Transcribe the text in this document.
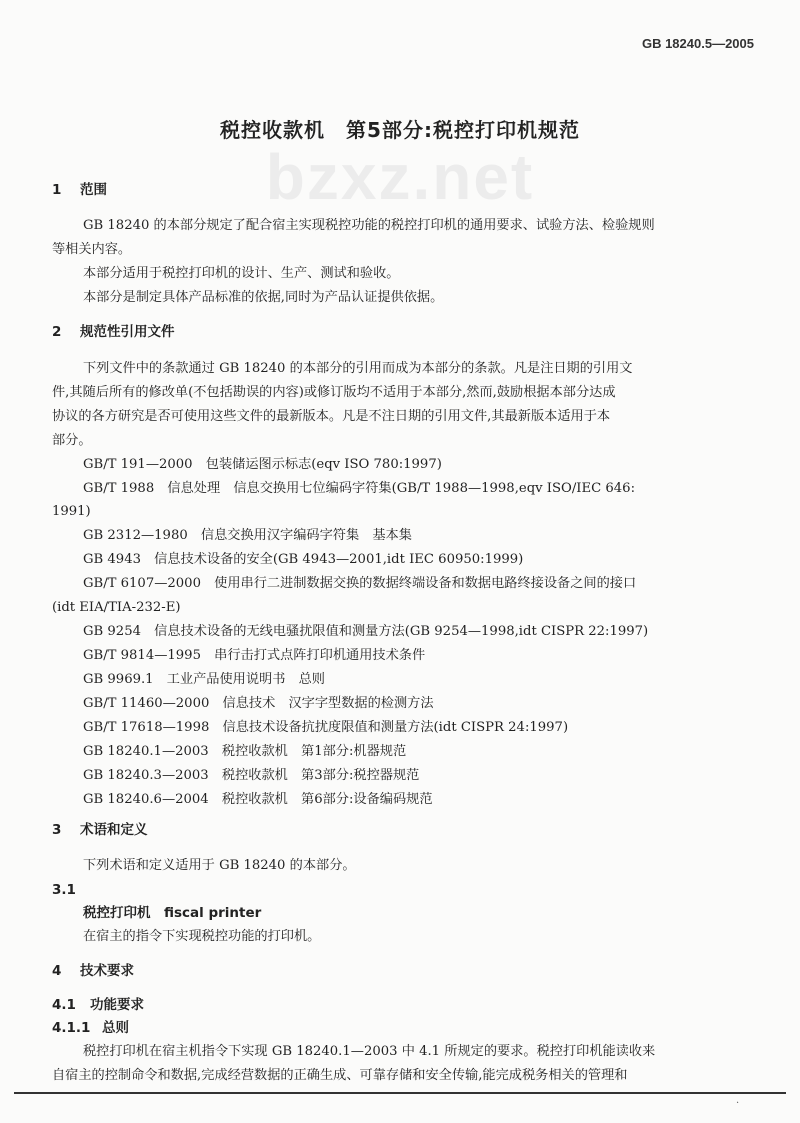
GB 18240.5—2005
税控收款机　第5部分:税控打印机规范
bzxz.net
1 范围
GB 18240 的本部分规定了配合宿主实现税控功能的税控打印机的通用要求、试验方法、检验规则
等相关内容。
本部分适用于税控打印机的设计、生产、测试和验收。
本部分是制定具体产品标准的依据,同时为产品认证提供依据。
2 规范性引用文件
下列文件中的条款通过 GB 18240 的本部分的引用而成为本部分的条款。凡是注日期的引用文
件,其随后所有的修改单(不包括勘误的内容)或修订版均不适用于本部分,然而,鼓励根据本部分达成
协议的各方研究是否可使用这些文件的最新版本。凡是不注日期的引用文件,其最新版本适用于本
部分。
GB/T 191—2000　包装储运图示标志(eqv ISO 780:1997)
GB/T 1988　信息处理　信息交换用七位编码字符集(GB/T 1988—1998,eqv ISO/IEC 646:
1991)
GB 2312—1980　信息交换用汉字编码字符集　基本集
GB 4943　信息技术设备的安全(GB 4943—2001,idt IEC 60950:1999)
GB/T 6107—2000　使用串行二进制数据交换的数据终端设备和数据电路终接设备之间的接口
(idt EIA/TIA-232-E)
GB 9254　信息技术设备的无线电骚扰限值和测量方法(GB 9254—1998,idt CISPR 22:1997)
GB/T 9814—1995　串行击打式点阵打印机通用技术条件
GB 9969.1　工业产品使用说明书　总则
GB/T 11460—2000　信息技术　汉字字型数据的检测方法
GB/T 17618—1998　信息技术设备抗扰度限值和测量方法(idt CISPR 24:1997)
GB 18240.1—2003　税控收款机　第1部分:机器规范
GB 18240.3—2003　税控收款机　第3部分:税控器规范
GB 18240.6—2004　税控收款机　第6部分:设备编码规范
3 术语和定义
下列术语和定义适用于 GB 18240 的本部分。
3.1
税控打印机　fiscal printer
在宿主的指令下实现税控功能的打印机。
4 技术要求
4.1 功能要求
4.1.1 总则
税控打印机在宿主机指令下实现 GB 18240.1—2003 中 4.1 所规定的要求。税控打印机能读收来
自宿主的控制命令和数据,完成经营数据的正确生成、可靠存储和安全传输,能完成税务相关的管理和
·
